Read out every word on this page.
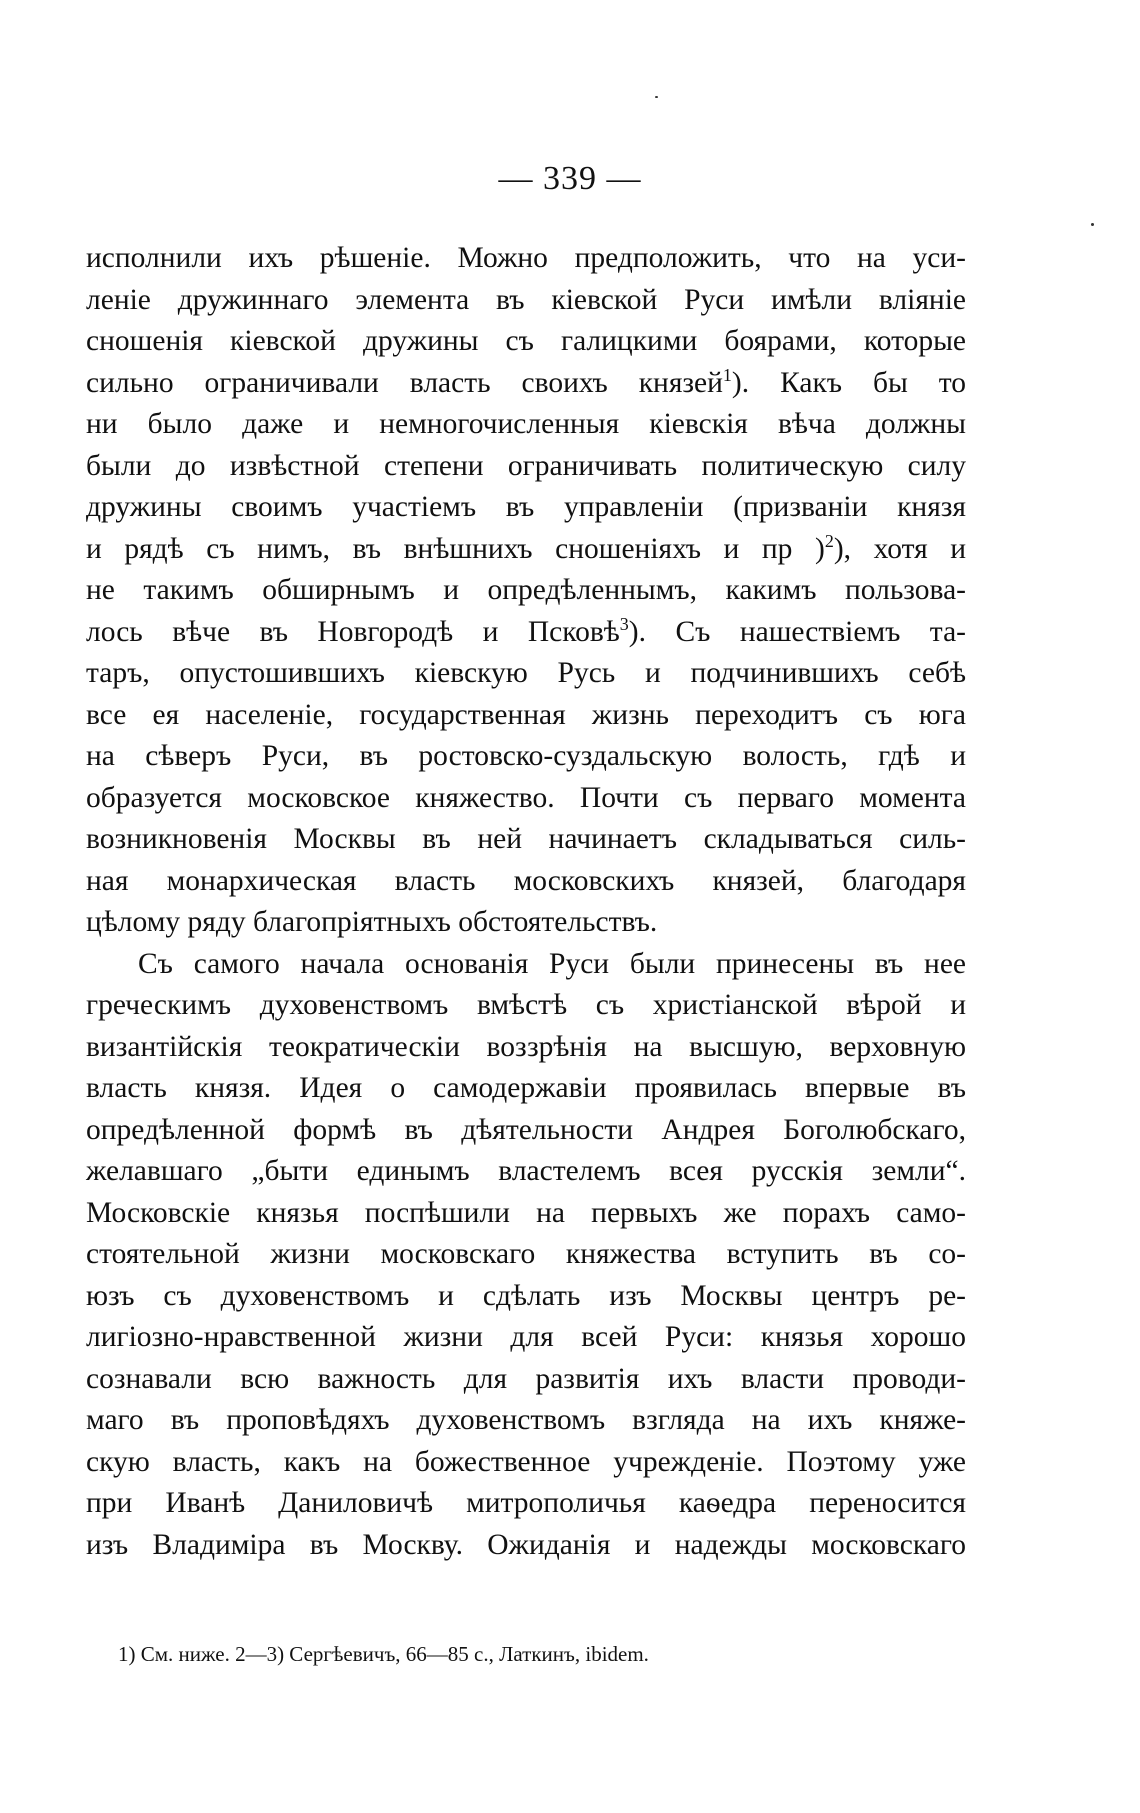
— 339 —
исполнили ихъ рѣшеніе. Можно предположить, что на уси-
леніе дружиннаго элемента въ кіевской Руси имѣли вліяніе
сношенія кіевской дружины съ галицкими боярами, которые
сильно ограничивали власть своихъ князей$^1$). Какъ бы то
ни было даже и немногочисленныя кіевскія вѣча должны
были до извѣстной степени ограничивать политическую силу
дружины своимъ участіемъ въ управленіи (призваніи князя
и рядѣ съ нимъ, въ внѣшнихъ сношеніяхъ и пр )$^2$), хотя и
не такимъ обширнымъ и опредѣленнымъ, какимъ пользова-
лось вѣче въ Новгородѣ и Псковѣ$^3$). Съ нашествіемъ та-
таръ, опустошившихъ кіевскую Русь и подчинившихъ себѣ
все ея населеніе, государственная жизнь переходитъ съ юга
на сѣверъ Руси, въ ростовско-суздальскую волость, гдѣ и
образуется московское княжество. Почти съ перваго момента
возникновенія Москвы въ ней начинаетъ складываться силь-
ная монархическая власть московскихъ князей, благодаря
цѣлому ряду благопріятныхъ обстоятельствъ.
Съ самого начала основанія Руси были принесены въ нее
греческимъ духовенствомъ вмѣстѣ съ христіанской вѣрой и
византійскія теократическіи воззрѣнія на высшую, верховную
власть князя. Идея о самодержавіи проявилась впервые въ
опредѣленной формѣ въ дѣятельности Андрея Боголюбскаго,
желавшаго „быти единымъ властелемъ всея русскія земли“.
Московскіе князья поспѣшили на первыхъ же порахъ само-
стоятельной жизни московскаго княжества вступить въ со-
юзъ съ духовенствомъ и сдѣлать изъ Москвы центръ ре-
лигіозно-нравственной жизни для всей Руси: князья хорошо
сознавали всю важность для развитія ихъ власти проводи-
маго въ проповѣдяхъ духовенствомъ взгляда на ихъ княже-
скую власть, какъ на божественное учрежденіе. Поэтому уже
при Иванѣ Даниловичѣ митрополичья каѳедра переносится
изъ Владиміра въ Москву. Ожиданія и надежды московскаго
1) См. ниже. 2—3) Сергѣевичъ, 66—85 с., Латкинъ, ibidem.
